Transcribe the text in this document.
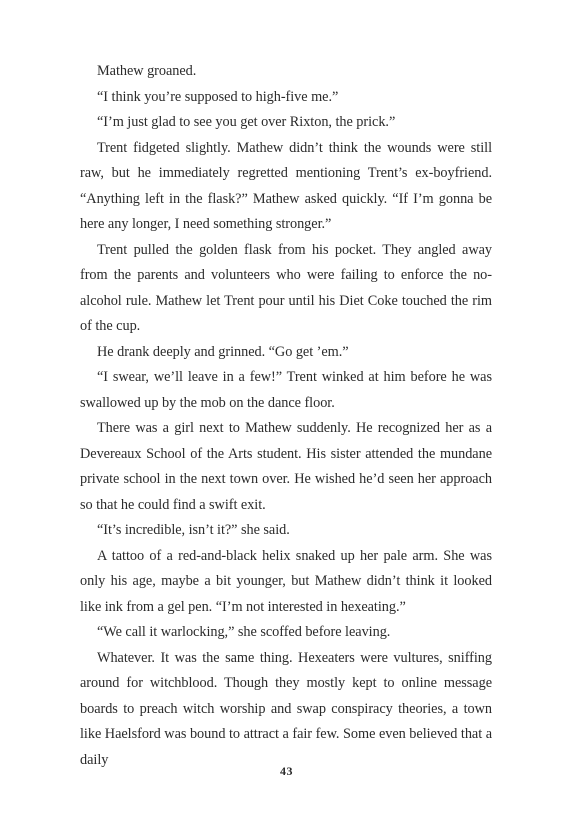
Mathew groaned.

“I think you’re supposed to high-five me.”

“I’m just glad to see you get over Rixton, the prick.”

Trent fidgeted slightly. Mathew didn’t think the wounds were still raw, but he immediately regretted mentioning Trent’s ex-boyfriend. “Anything left in the flask?” Mathew asked quickly. “If I’m gonna be here any longer, I need something stronger.”

Trent pulled the golden flask from his pocket. They angled away from the parents and volunteers who were failing to enforce the no-alcohol rule. Mathew let Trent pour until his Diet Coke touched the rim of the cup.

He drank deeply and grinned. “Go get ’em.”

“I swear, we’ll leave in a few!” Trent winked at him before he was swallowed up by the mob on the dance floor.

There was a girl next to Mathew suddenly. He recognized her as a Devereaux School of the Arts student. His sister attended the mundane private school in the next town over. He wished he’d seen her approach so that he could find a swift exit.

“It’s incredible, isn’t it?” she said.

A tattoo of a red-and-black helix snaked up her pale arm. She was only his age, maybe a bit younger, but Mathew didn’t think it looked like ink from a gel pen. “I’m not interested in hexeating.”

“We call it warlocking,” she scoffed before leaving.

Whatever. It was the same thing. Hexeaters were vultures, sniffing around for witchblood. Though they mostly kept to online message boards to preach witch worship and swap conspiracy theories, a town like Haelsford was bound to attract a fair few. Some even believed that a daily

43
